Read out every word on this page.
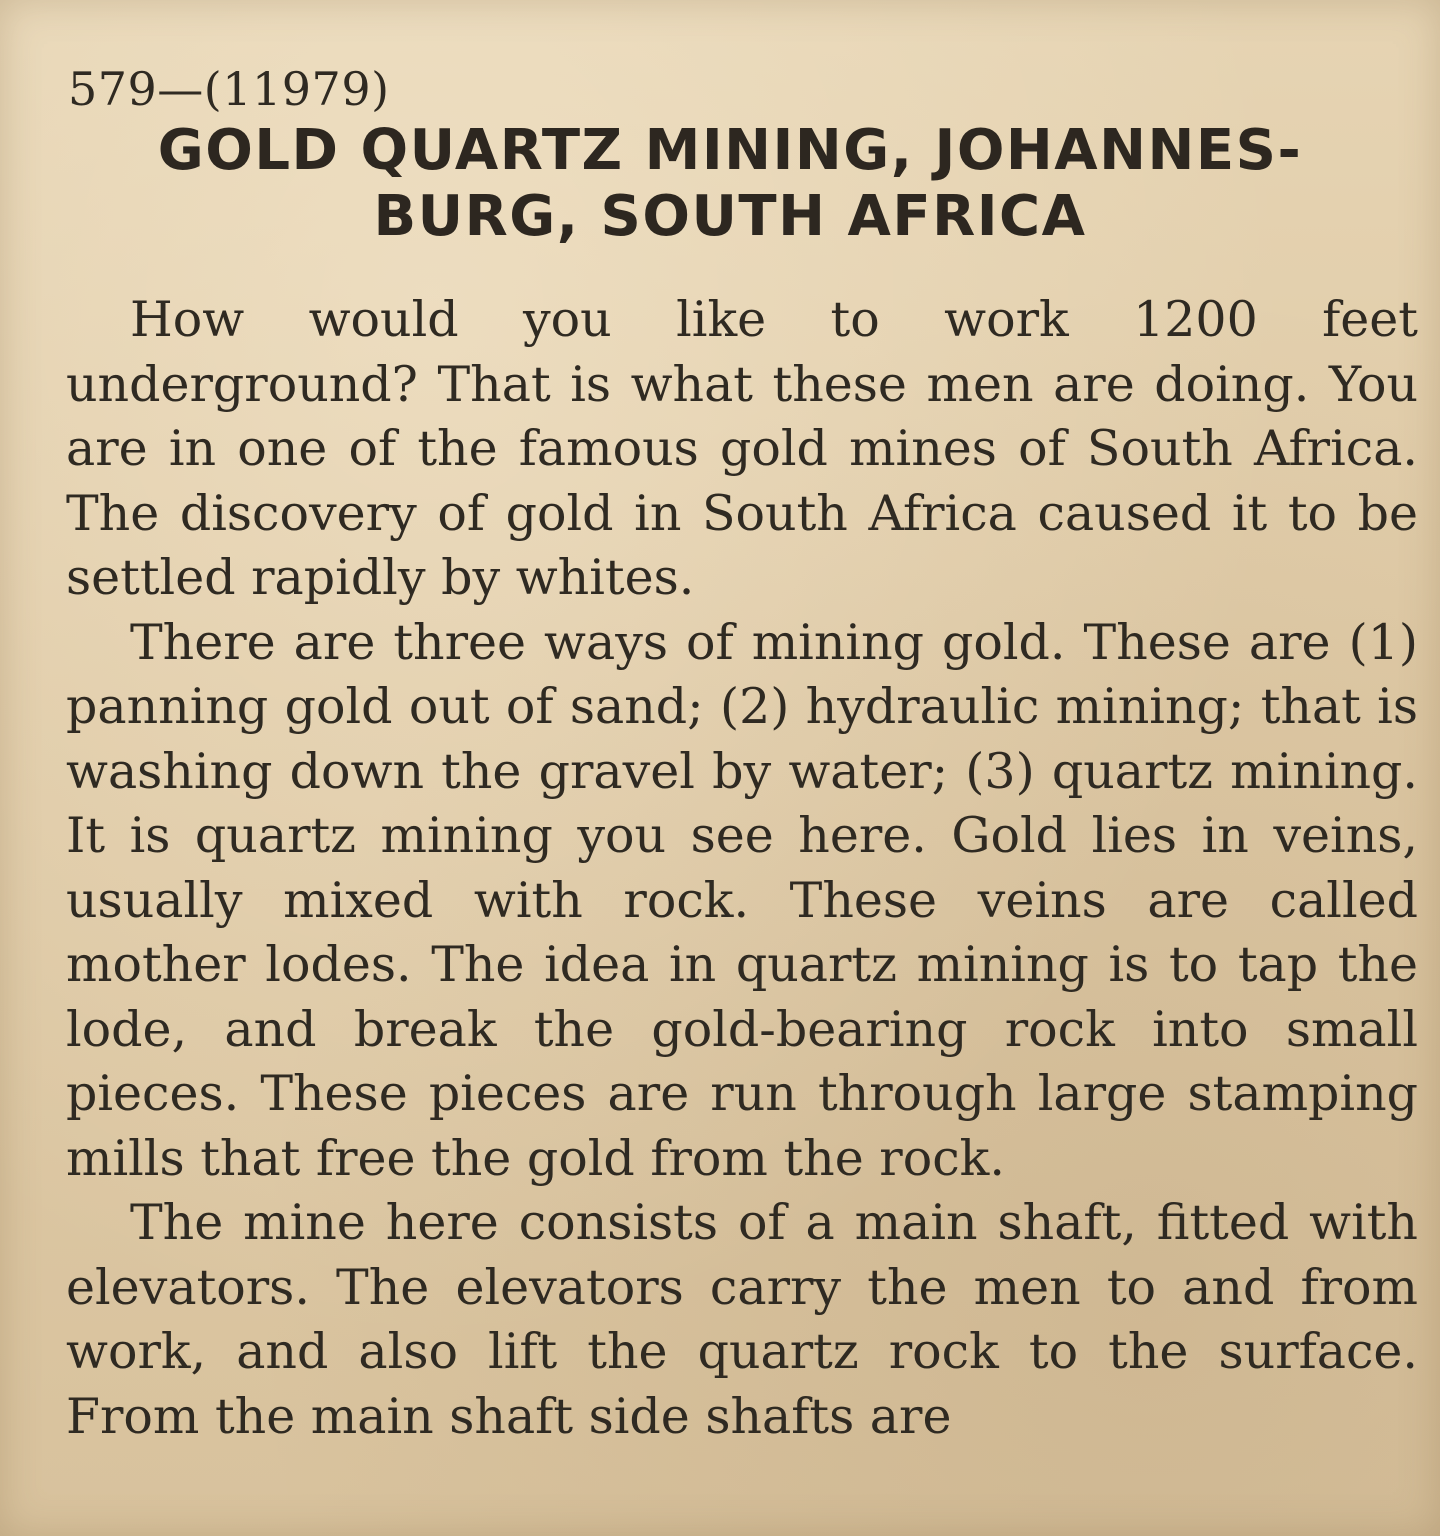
579—(11979)
GOLD QUARTZ MINING, JOHANNES-
BURG, SOUTH AFRICA

How would you like to work 1200 feet underground? That is what these men are doing. You are in one of the famous gold mines of South Africa. The discovery of gold in South Africa caused it to be settled rapidly by whites.

There are three ways of mining gold. These are (1) panning gold out of sand; (2) hydraulic mining; that is washing down the gravel by water; (3) quartz mining. It is quartz mining you see here. Gold lies in veins, usually mixed with rock. These veins are called mother lodes. The idea in quartz mining is to tap the lode, and break the gold-bearing rock into small pieces. These pieces are run through large stamping mills that free the gold from the rock.

The mine here consists of a main shaft, fitted with elevators. The elevators carry the men to and from work, and also lift the quartz rock to the surface. From the main shaft side shafts are
